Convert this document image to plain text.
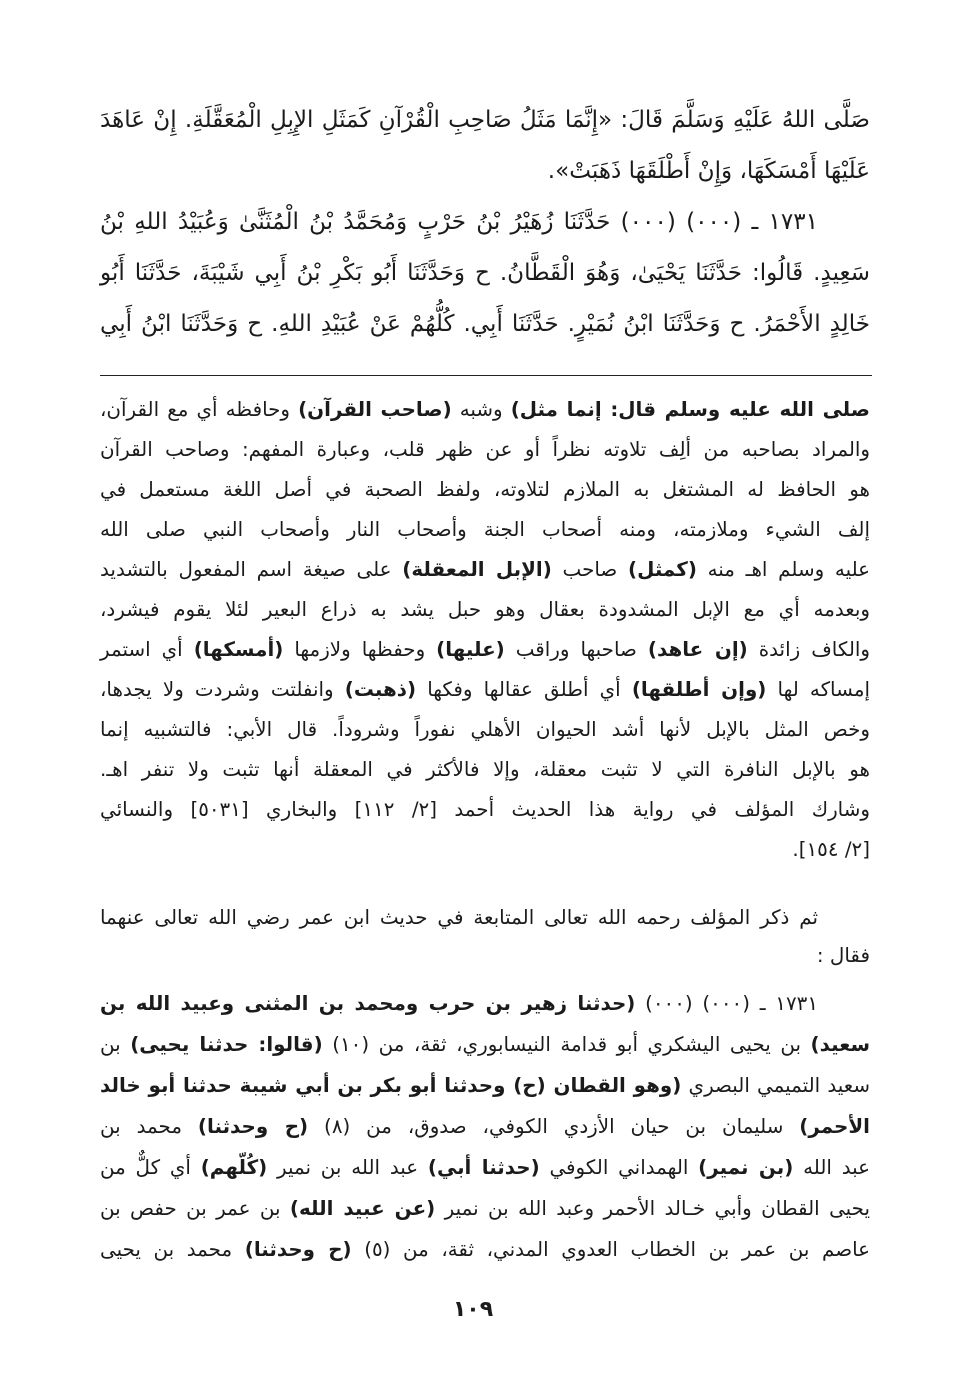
صَلَّى اللهُ عَلَيْهِ وَسَلَّمَ قَالَ: «إِنَّمَا مَثَلُ صَاحِبِ الْقُرْآنِ كَمَثَلِ الإِبِلِ الْمُعَقَّلَةِ. إِنْ عَاهَدَ
عَلَيْهَا أَمْسَكَهَا، وَإِنْ أَطْلَقَهَا ذَهَبَتْ».
١٧٣١ ـ (٠٠٠) (٠٠٠) حَدَّثَنَا زُهَيْرُ بْنُ حَرْبٍ وَمُحَمَّدُ بْنُ الْمُثَنَّىٰ وَعُبَيْدُ اللهِ بْنُ
سَعِيدٍ. قَالُوا: حَدَّثَنَا يَحْيَىٰ، وَهُوَ الْقَطَّانُ. ح وَحَدَّثَنَا أَبُو بَكْرِ بْنُ أَبِي شَيْبَةَ، حَدَّثَنَا أَبُو
خَالِدٍ الأَحْمَرُ. ح وَحَدَّثَنَا ابْنُ نُمَيْرٍ. حَدَّثَنَا أَبِي. كُلُّهُمْ عَنْ عُبَيْدِ اللهِ. ح وَحَدَّثَنَا ابْنُ أَبِي
صلى الله عليه وسلم قال: إنما مثل) وشبه (صاحب القرآن) وحافظه أي مع القرآن،
والمراد بصاحبه من ألِف تلاوته نظراً أو عن ظهر قلب، وعبارة المفهم: وصاحب القرآن
هو الحافظ له المشتغل به الملازم لتلاوته، ولفظ الصحبة في أصل اللغة مستعمل في
إلف الشيء وملازمته، ومنه أصحاب الجنة وأصحاب النار وأصحاب النبي صلى الله
عليه وسلم اهـ منه (كمثل) صاحب (الإبل المعقلة) على صيغة اسم المفعول بالتشديد
وبعدمه أي مع الإبل المشدودة بعقال وهو حبل يشد به ذراع البعير لئلا يقوم فيشرد،
والكاف زائدة (إن عاهد) صاحبها وراقب (عليها) وحفظها ولازمها (أمسكها) أي استمر
إمساكه لها (وإن أطلقها) أي أطلق عقالها وفكها (ذهبت) وانفلتت وشردت ولا يجدها،
وخص المثل بالإبل لأنها أشد الحيوان الأهلي نفوراً وشروداً. قال الأبي: فالتشبيه إنما
هو بالإبل النافرة التي لا تثبت معقلة، وإلا فالأكثر في المعقلة أنها تثبت ولا تنفر اهـ.
وشارك المؤلف في رواية هذا الحديث أحمد [٢/ ١١٢] والبخاري [٥٠٣١] والنسائي
[٢/ ١٥٤].
ثم ذكر المؤلف رحمه الله تعالى المتابعة في حديث ابن عمر رضي الله تعالى عنهما
فقال :
١٧٣١ ـ (٠٠٠) (٠٠٠) (حدثنا زهير بن حرب ومحمد بن المثنى وعبيد الله بن
سعيد) بن يحيى اليشكري أبو قدامة النيسابوري، ثقة، من (١٠) (قالوا: حدثنا يحيى) بن
سعيد التميمي البصري (وهو القطان (ح) وحدثنا أبو بكر بن أبي شيبة حدثنا أبو خالد
الأحمر) سليمان بن حيان الأزدي الكوفي، صدوق، من (٨) (ح وحدثنا) محمد بن
عبد الله (بن نمير) الهمداني الكوفي (حدثنا أبي) عبد الله بن نمير (كُلّهم) أي كلٌّ من
يحيى القطان وأبي خـالد الأحمر وعبد الله بن نمير (عن عبيد الله) بن عمر بن حفص بن
عاصم بن عمر بن الخطاب العدوي المدني، ثقة، من (٥) (ح وحدثنا) محمد بن يحيى
١٠٩
